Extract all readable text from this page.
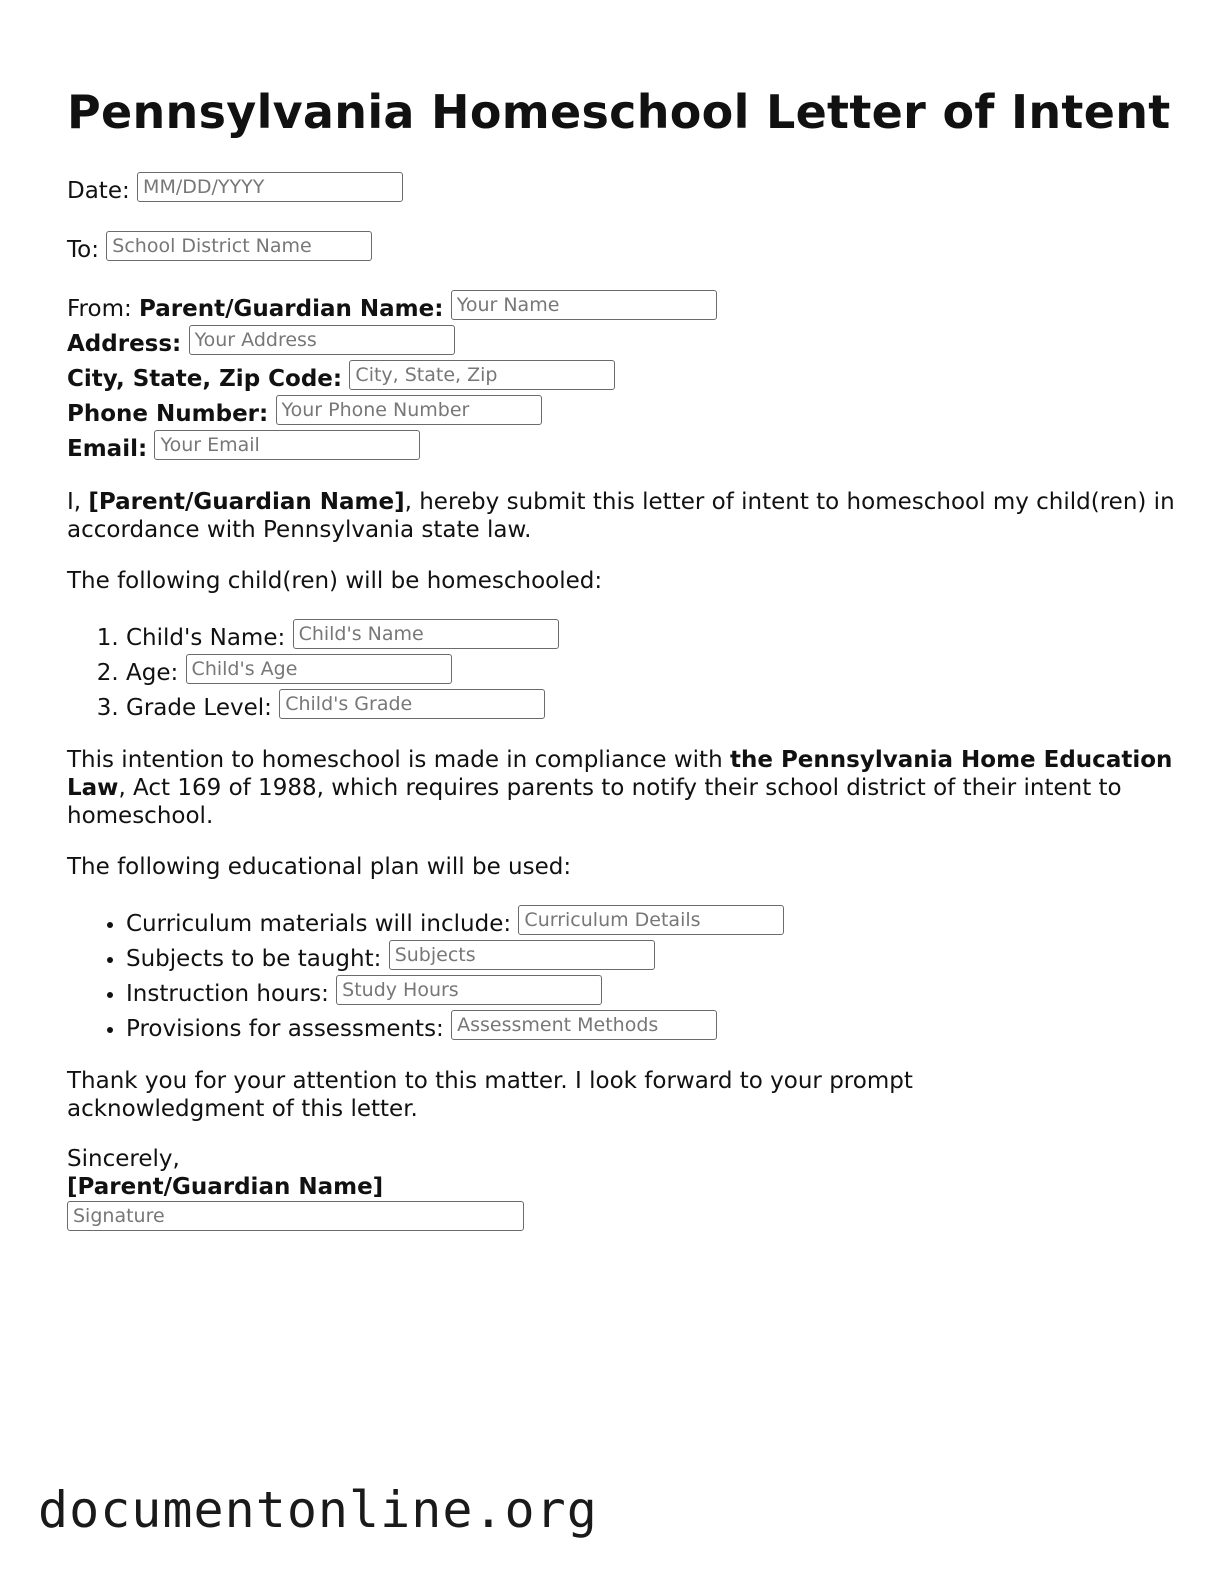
Pennsylvania Homeschool Letter of Intent
Date: MM/DD/YYYY
To: School District Name
From: Parent/Guardian Name: Your Name
Address: Your Address
City, State, Zip Code: City, State, Zip
Phone Number: Your Phone Number
Email: Your Email

I, [Parent/Guardian Name], hereby submit this letter of intent to homeschool my child(ren) in accordance with Pennsylvania state law.

The following child(ren) will be homeschooled:

1. Child's Name: Child's Name
2. Age: Child's Age
3. Grade Level: Child's Grade

This intention to homeschool is made in compliance with the Pennsylvania Home Education Law, Act 169 of 1988, which requires parents to notify their school district of their intent to homeschool.

The following educational plan will be used:

• Curriculum materials will include: Curriculum Details
• Subjects to be taught: Subjects
• Instruction hours: Study Hours
• Provisions for assessments: Assessment Methods

Thank you for your attention to this matter. I look forward to your prompt acknowledgment of this letter.

Sincerely,
[Parent/Guardian Name]
Signature
documentonline.org
